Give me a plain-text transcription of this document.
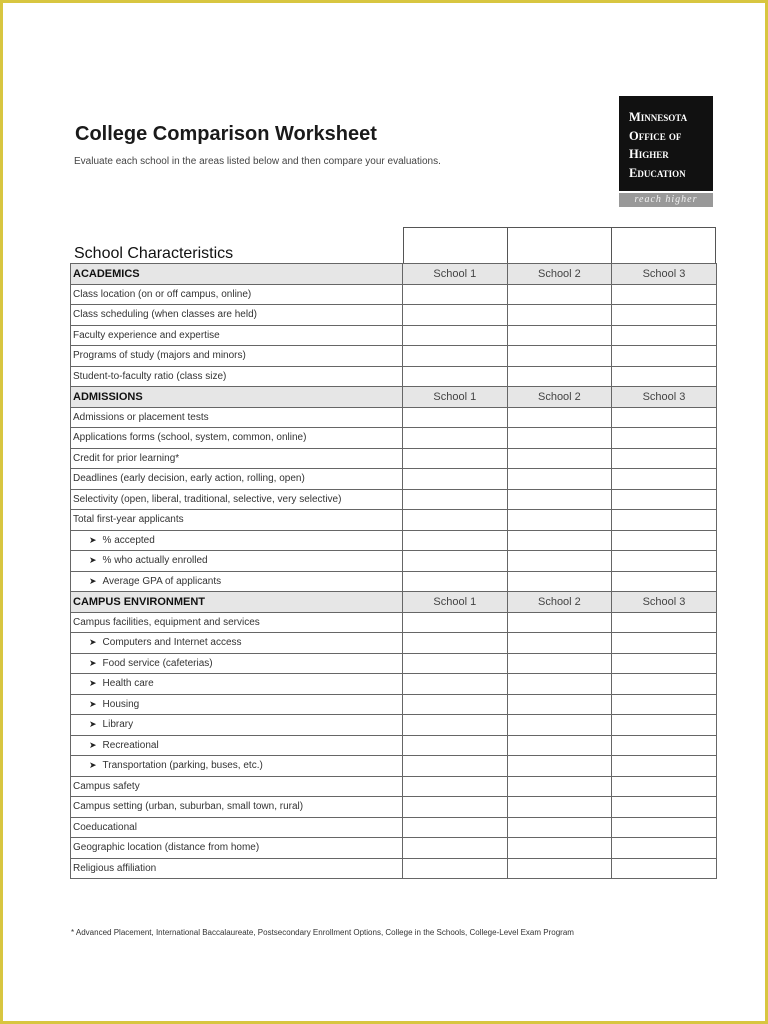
College Comparison Worksheet
Evaluate each school in the areas listed below and then compare your evaluations.
Minnesota
Office of
Higher
Education
reach higher
School Characteristics
ACADEMICS	School 1	School 2	School 3
Class location (on or off campus, online)			
Class scheduling (when classes are held)			
Faculty experience and expertise			
Programs of study (majors and minors)			
Student-to-faculty ratio (class size)			
ADMISSIONS	School 1	School 2	School 3
Admissions or placement tests			
Applications forms (school, system, common, online)			
Credit for prior learning*			
Deadlines (early decision, early action, rolling, open)			
Selectivity (open, liberal, traditional, selective, very selective)			
Total first-year applicants			
➤ % accepted			
➤ % who actually enrolled			
➤ Average GPA of applicants			
CAMPUS ENVIRONMENT	School 1	School 2	School 3
Campus facilities, equipment and services			
➤ Computers and Internet access			
➤ Food service (cafeterias)			
➤ Health care			
➤ Housing			
➤ Library			
➤ Recreational			
➤ Transportation (parking, buses, etc.)			
Campus safety			
Campus setting (urban, suburban, small town, rural)			
Coeducational			
Geographic location (distance from home)			
Religious affiliation			
* Advanced Placement, International Baccalaureate, Postsecondary Enrollment Options, College in the Schools, College-Level Exam Program
